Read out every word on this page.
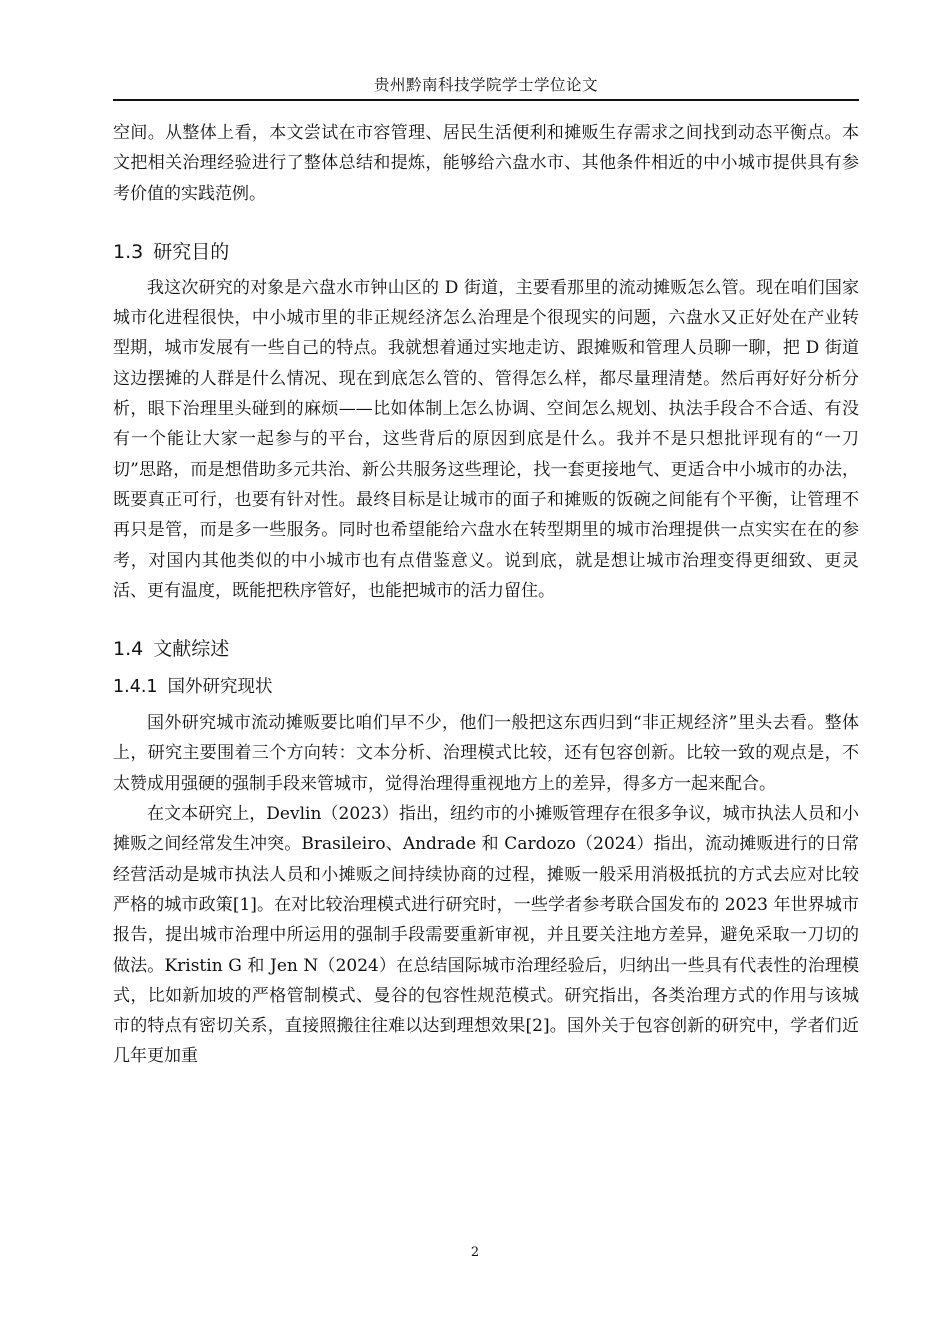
贵州黔南科技学院学士学位论文

空间。从整体上看，本文尝试在市容管理、居民生活便利和摊贩生存需求之间找到动态平衡点。本文把相关治理经验进行了整体总结和提炼，能够给六盘水市、其他条件相近的中小城市提供具有参考价值的实践范例。

1.3 研究目的

我这次研究的对象是六盘水市钟山区的 D 街道，主要看那里的流动摊贩怎么管。现在咱们国家城市化进程很快，中小城市里的非正规经济怎么治理是个很现实的问题，六盘水又正好处在产业转型期，城市发展有一些自己的特点。我就想着通过实地走访、跟摊贩和管理人员聊一聊，把 D 街道这边摆摊的人群是什么情况、现在到底怎么管的、管得怎么样，都尽量理清楚。然后再好好分析分析，眼下治理里头碰到的麻烦——比如体制上怎么协调、空间怎么规划、执法手段合不合适、有没有一个能让大家一起参与的平台，这些背后的原因到底是什么。我并不是只想批评现有的“一刀切”思路，而是想借助多元共治、新公共服务这些理论，找一套更接地气、更适合中小城市的办法，既要真正可行，也要有针对性。最终目标是让城市的面子和摊贩的饭碗之间能有个平衡，让管理不再只是管，而是多一些服务。同时也希望能给六盘水在转型期里的城市治理提供一点实实在在的参考，对国内其他类似的中小城市也有点借鉴意义。说到底，就是想让城市治理变得更细致、更灵活、更有温度，既能把秩序管好，也能把城市的活力留住。

1.4 文献综述
1.4.1 国外研究现状

国外研究城市流动摊贩要比咱们早不少，他们一般把这东西归到“非正规经济”里头去看。整体上，研究主要围着三个方向转：文本分析、治理模式比较，还有包容创新。比较一致的观点是，不太赞成用强硬的强制手段来管城市，觉得治理得重视地方上的差异，得多方一起来配合。

在文本研究上，Devlin（2023）指出，纽约市的小摊贩管理存在很多争议，城市执法人员和小摊贩之间经常发生冲突。Brasileiro、Andrade 和 Cardozo（2024）指出，流动摊贩进行的日常经营活动是城市执法人员和小摊贩之间持续协商的过程，摊贩一般采用消极抵抗的方式去应对比较严格的城市政策[1]。在对比较治理模式进行研究时，一些学者参考联合国发布的 2023 年世界城市报告，提出城市治理中所运用的强制手段需要重新审视，并且要关注地方差异，避免采取一刀切的做法。Kristin G 和 Jen N（2024）在总结国际城市治理经验后，归纳出一些具有代表性的治理模式，比如新加坡的严格管制模式、曼谷的包容性规范模式。研究指出，各类治理方式的作用与该城市的特点有密切关系，直接照搬往往难以达到理想效果[2]。国外关于包容创新的研究中，学者们近几年更加重

2
